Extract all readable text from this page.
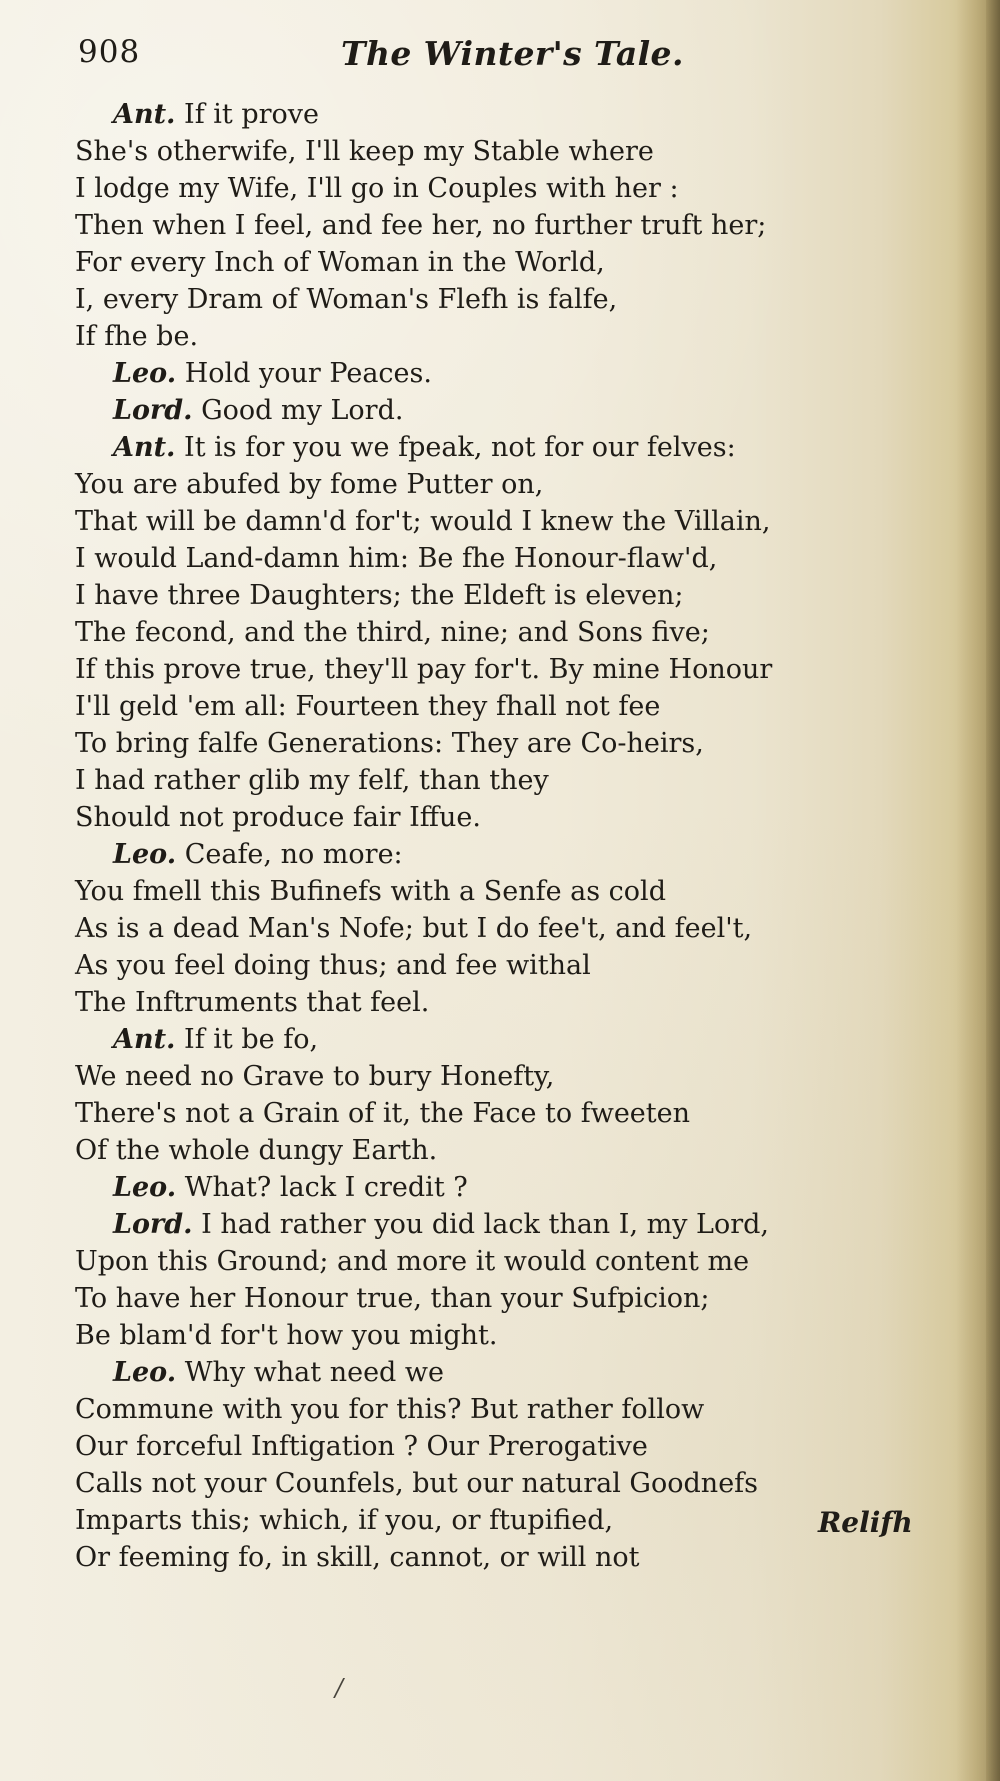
908	The Winter's Tale.
Ant. If it prove
She's otherwife, I'll keep my Stable where
I lodge my Wife, I'll go in Couples with her :
Then when I feel, and fee her, no further truft her;
For every Inch of Woman in the World,
I, every Dram of Woman's Flefh is falfe,
If fhe be.
Leo. Hold your Peaces.
Lord. Good my Lord.
Ant. It is for you we fpeak, not for our felves:
You are abufed by fome Putter on,
That will be damn'd for't; would I knew the Villain,
I would Land-damn him: Be fhe Honour-flaw'd,
I have three Daughters; the Eldeft is eleven;
The fecond, and the third, nine; and Sons five;
If this prove true, they'll pay for't. By mine Honour
I'll geld 'em all: Fourteen they fhall not fee
To bring falfe Generations: They are Co-heirs,
I had rather glib my felf, than they
Should not produce fair Iffue.
Leo. Ceafe, no more:
You fmell this Bufinefs with a Senfe as cold
As is a dead Man's Nofe; but I do fee't, and feel't,
As you feel doing thus; and fee withal
The Inftruments that feel.
Ant. If it be fo,
We need no Grave to bury Honefty,
There's not a Grain of it, the Face to fweeten
Of the whole dungy Earth.
Leo. What? lack I credit ?
Lord. I had rather you did lack than I, my Lord,
Upon this Ground; and more it would content me
To have her Honour true, than your Sufpicion;
Be blam'd for't how you might.
Leo. Why what need we
Commune with you for this? But rather follow
Our forceful Inftigation ? Our Prerogative
Calls not your Counfels, but our natural Goodnefs
Imparts this; which, if you, or ftupified,
Or feeming fo, in skill, cannot, or will not
Relifh
/
